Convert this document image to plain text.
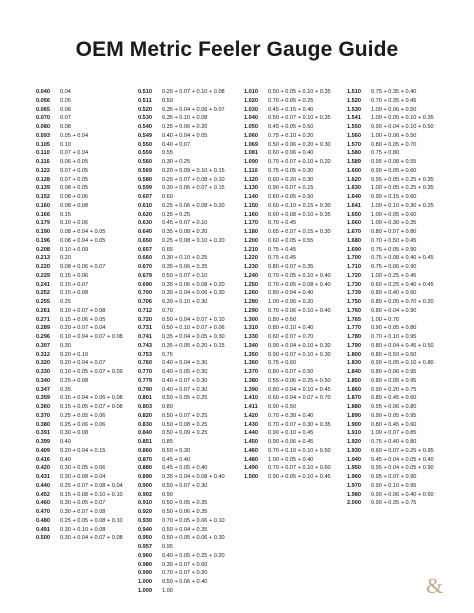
OEM Metric Feeler Gauge Guide
0.040 0.04
0.056 0.05
0.065 0.06
0.070 0.07
0.080 0.08
0.093 0.05 + 0.04
0.105 0.10
0.110 0.07 + 0.04
0.116 0.06 + 0.05
0.122 0.07 + 0.05
0.128 0.07 + 0.05
0.139 0.08 + 0.05
0.152 0.08 + 0.06
0.160 0.08 + 0.08
0.166 0.15
0.179 0.10 + 0.06
0.190 0.08 + 0.04 + 0.05
0.196 0.08 + 0.04 + 0.05
0.208 0.10 + 0.09
0.213 0.20
0.220 0.08 + 0.06 + 0.07
0.229 0.15 + 0.06
0.241 0.15 + 0.07
0.252 0.15 + 0.08
0.255 0.25
0.261 0.10 + 0.07 + 0.08
0.271 0.15 + 0.06 + 0.05
0.289 0.20 + 0.07 + 0.04
0.296 0.10 + 0.04 + 0.07 + 0.08
0.307 0.30
0.312 0.20 + 0.10
0.320 0.20 + 0.04 + 0.07
0.330 0.10 + 0.05 + 0.07 + 0.09
0.340 0.25 + 0.08
0.347 0.35
0.359 0.15 + 0.04 + 0.06 + 0.08
0.360 0.15 + 0.05 + 0.07 + 0.08
0.370 0.25 + 0.05 + 0.06
0.380 0.25 + 0.06 + 0.06
0.391 0.30 + 0.08
0.399 0.40
0.409 0.20 + 0.04 + 0.15
0.416 0.40
0.420 0.30 + 0.05 + 0.06
0.431 0.30 + 0.08 + 0.04
0.440 0.25 + 0.07 + 0.08 + 0.04
0.452 0.15 + 0.08 + 0.10 + 0.10
0.460 0.30 + 0.05 + 0.07
0.470 0.30 + 0.07 + 0.08
0.480 0.25 + 0.05 + 0.08 + 0.10
0.491 0.30 + 0.10 + 0.08
0.500 0.30 + 0.04 + 0.07 + 0.08
0.510 0.25 + 0.07 + 0.10 + 0.08
0.511 0.50
0.520 0.35 + 0.04 + 0.06 + 0.07
0.530 0.35 + 0.10 + 0.08
0.540 0.35 + 0.06 + 0.20
0.549 0.40 + 0.04 + 0.05
0.550 0.40 + 0.07
0.559 0.55
0.560 0.30 + 0.25
0.569 0.20 + 0.09 + 0.10 + 0.15
0.580 0.25 + 0.07 + 0.08 + 0.10
0.599 0.30 + 0.06 + 0.07 + 0.15
0.607 0.60
0.610 0.25 + 0.06 + 0.08 + 0.20
0.620 0.35 + 0.25
0.630 0.45 + 0.07 + 0.10
0.640 0.35 + 0.08 + 0.20
0.650 0.25 + 0.08 + 0.10 + 0.20
0.657 0.65
0.660 0.30 + 0.10 + 0.25
0.670 0.35 + 0.06 + 0.25
0.679 0.50 + 0.07 + 0.10
0.690 0.35 + 0.06 + 0.08 + 0.20
0.700 0.30 + 0.04 + 0.06 + 0.30
0.706 0.30 + 0.10 + 0.30
0.712 0.70
0.720 0.50 + 0.04 + 0.07 + 0.10
0.731 0.50 + 0.10 + 0.07 + 0.06
0.741 0.35 + 0.04 + 0.05 + 0.30
0.743 0.35 + 0.05 + 0.20 + 0.15
0.753 0.75
0.760 0.40 + 0.04 + 0.30
0.770 0.40 + 0.05 + 0.30
0.779 0.40 + 0.07 + 0.30
0.790 0.40 + 0.07 + 0.30
0.801 0.50 + 0.05 + 0.25
0.803 0.80
0.820 0.50 + 0.07 + 0.25
0.830 0.50 + 0.08 + 0.25
0.840 0.50 + 0.09 + 0.25
0.851 0.85
0.860 0.50 + 0.30
0.870 0.45 + 0.40
0.880 0.45 + 0.05 + 0.40
0.890 0.35 + 0.04 + 0.08 + 0.40
0.900 0.50 + 0.07 + 0.30
0.902 0.90
0.910 0.50 + 0.05 + 0.35
0.920 0.50 + 0.06 + 0.35
0.930 0.70 + 0.05 + 0.06 + 0.10
0.940 0.50 + 0.04 + 0.35
0.950 0.50 + 0.05 + 0.06 + 0.30
0.957 0.95
0.960 0.40 + 0.05 + 0.25 + 0.20
0.980 0.30 + 0.07 + 0.60
0.990 0.70 + 0.07 + 0.20
1.000 0.50 + 0.06 + 0.40
1.009 1.00
1.010 0.50 + 0.05 + 0.10 + 0.35
1.020 0.70 + 0.05 + 0.25
1.030 0.45 + 0.15 + 0.40
1.040 0.50 + 0.07 + 0.10 + 0.35
1.050 0.45 + 0.05 + 0.50
1.060 0.75 + 0.10 + 0.20
1.069 0.50 + 0.06 + 0.20 + 0.30
1.081 0.60 + 0.06 + 0.40
1.090 0.70 + 0.07 + 0.10 + 0.20
1.110 0.75 + 0.05 + 0.30
1.120 0.60 + 0.20 + 0.30
1.130 0.90 + 0.07 + 0.15
1.140 0.60 + 0.05 + 0.50
1.150 0.60 + 0.10 + 0.15 + 0.30
1.160 0.60 + 0.08 + 0.10 + 0.35
1.170 0.70 + 0.45
1.180 0.65 + 0.07 + 0.15 + 0.30
1.200 0.60 + 0.05 + 0.55
1.210 0.75 + 0.45
1.220 0.75 + 0.45
1.230 0.80 + 0.07 + 0.35
1.240 0.70 + 0.05 + 0.10 + 0.40
1.250 0.70 + 0.05 + 0.08 + 0.40
1.260 0.80 + 0.04 + 0.40
1.280 1.00 + 0.06 + 0.20
1.290 0.70 + 0.06 + 0.10 + 0.40
1.300 0.80 + 0.50
1.310 0.80 + 0.10 + 0.40
1.330 0.60 + 0.07 + 0.70
1.340 0.90 + 0.04 + 0.10 + 0.30
1.350 0.90 + 0.07 + 0.10 + 0.30
1.360 0.75 + 0.60
1.370 0.80 + 0.07 + 0.50
1.380 0.55 + 0.06 + 0.25 + 0.50
1.390 0.80 + 0.04 + 0.10 + 0.45
1.410 0.60 + 0.04 + 0.07 + 0.70
1.411 0.90 + 0.50
1.420 0.70 + 0.30 + 0.40
1.430 0.70 + 0.07 + 0.30 + 0.35
1.440 0.90 + 0.10 + 0.45
1.450 0.90 + 0.06 + 0.45
1.460 0.70 + 0.10 + 0.10 + 0.50
1.480 1.00 + 0.05 + 0.40
1.490 0.70 + 0.07 + 0.10 + 0.60
1.500 0.90 + 0.05 + 0.10 + 0.45
1.510 0.75 + 0.35 + 0.40
1.520 0.70 + 0.35 + 0.45
1.530 1.00 + 0.06 + 0.50
1.541 1.00 + 0.05 + 0.10 + 0.35
1.550 0.90 + 0.04 + 0.10 + 0.50
1.560 1.00 + 0.06 + 0.50
1.570 0.80 + 0.05 + 0.70
1.580 0.75 + 0.80
1.589 0.95 + 0.08 + 0.55
1.600 0.90 + 0.05 + 0.60
1.620 0.95 + 0.05 + 0.25 + 0.35
1.630 1.00 + 0.05 + 0.25 + 0.35
1.640 0.90 + 0.15 + 0.60
1.641 1.00 + 0.10 + 0.30 + 0.25
1.650 1.00 + 0.05 + 0.60
1.660 1.00 + 0.30 + 0.35
1.670 0.80 + 0.07 + 0.80
1.680 0.70 + 0.50 + 0.45
1.690 0.75 + 0.05 + 0.90
1.700 0.75 + 0.08 + 0.40 + 0.45
1.710 0.75 + 0.06 + 0.90
1.720 1.00 + 0.25 + 0.45
1.730 0.60 + 0.25 + 0.40 + 0.45
1.739 0.80 + 0.40 + 0.50
1.750 0.80 + 0.05 + 0.70 + 0.20
1.760 0.80 + 0.04 + 0.90
1.765 1.00 + 0.70
1.770 0.90 + 0.05 + 0.80
1.780 0.70 + 0.10 + 0.95
1.790 0.80 + 0.04 + 0.45 + 0.50
1.800 0.80 + 0.50 + 0.50
1.830 0.90 + 0.05 + 0.10 + 0.80
1.840 0.80 + 0.06 + 0.95
1.850 0.80 + 0.05 + 0.95
1.860 0.90 + 0.20 + 0.75
1.870 0.80 + 0.45 + 0.60
1.880 0.95 + 0.06 + 0.80
1.890 0.90 + 0.05 + 0.95
1.900 0.80 + 0.45 + 0.60
1.910 1.00 + 0.07 + 0.85
1.920 0.75 + 0.40 + 0.80
1.930 0.60 + 0.07 + 0.25 + 0.95
1.940 0.45 + 0.04 + 0.05 + 0.40
1.950 0.95 + 0.04 + 0.05 + 0.90
1.960 0.95 + 0.07 + 0.90
1.970 0.90 + 0.10 + 0.95
1.980 0.90 + 0.06 + 0.40 + 0.60
2.000 0.90 + 0.35 + 0.75
&
